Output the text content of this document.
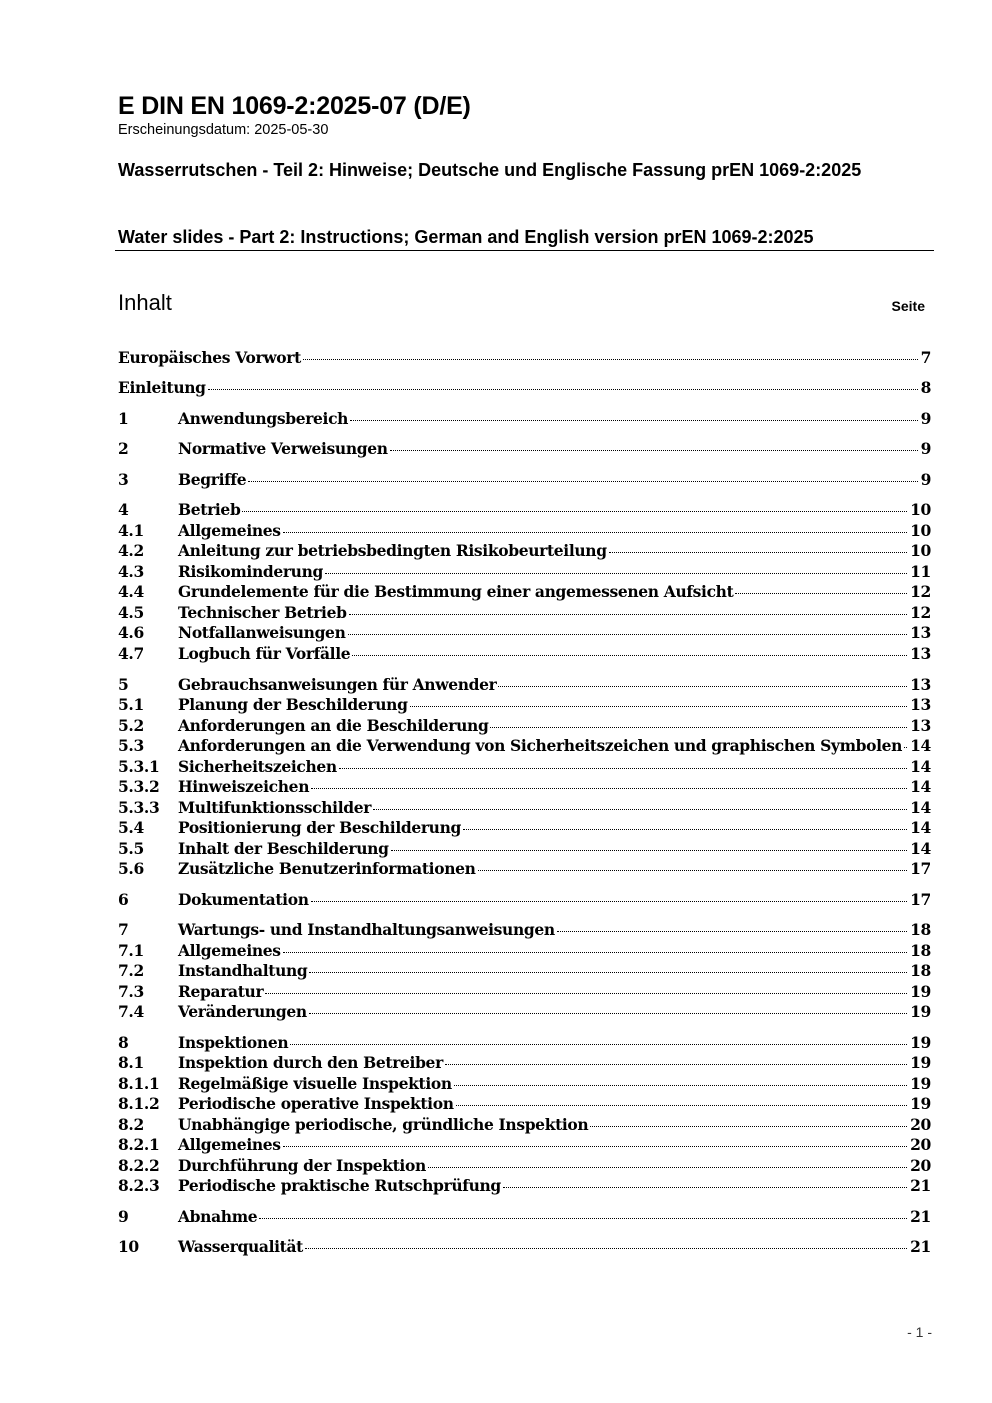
E DIN EN 1069-2:2025-07 (D/E)
Erscheinungsdatum: 2025-05-30
Wasserrutschen - Teil 2: Hinweise; Deutsche und Englische Fassung prEN 1069-2:2025
Water slides - Part 2: Instructions; German and English version prEN 1069-2:2025
Inhalt	Seite
Europäisches Vorwort	7
Einleitung	8
1	Anwendungsbereich	9
2	Normative Verweisungen	9
3	Begriffe	9
4	Betrieb	10
4.1	Allgemeines	10
4.2	Anleitung zur betriebsbedingten Risikobeurteilung	10
4.3	Risikominderung	11
4.4	Grundelemente für die Bestimmung einer angemessenen Aufsicht	12
4.5	Technischer Betrieb	12
4.6	Notfallanweisungen	13
4.7	Logbuch für Vorfälle	13
5	Gebrauchsanweisungen für Anwender	13
5.1	Planung der Beschilderung	13
5.2	Anforderungen an die Beschilderung	13
5.3	Anforderungen an die Verwendung von Sicherheitszeichen und graphischen Symbolen 14
5.3.1	Sicherheitszeichen	14
5.3.2	Hinweiszeichen	14
5.3.3	Multifunktionsschilder	14
5.4	Positionierung der Beschilderung	14
5.5	Inhalt der Beschilderung	14
5.6	Zusätzliche Benutzerinformationen	17
6	Dokumentation	17
7	Wartungs- und Instandhaltungsanweisungen	18
7.1	Allgemeines	18
7.2	Instandhaltung	18
7.3	Reparatur	19
7.4	Veränderungen	19
8	Inspektionen	19
8.1	Inspektion durch den Betreiber	19
8.1.1	Regelmäßige visuelle Inspektion	19
8.1.2	Periodische operative Inspektion	19
8.2	Unabhängige periodische, gründliche Inspektion	20
8.2.1	Allgemeines	20
8.2.2	Durchführung der Inspektion	20
8.2.3	Periodische praktische Rutschprüfung	21
9	Abnahme	21
10	Wasserqualität	21
- 1 -
